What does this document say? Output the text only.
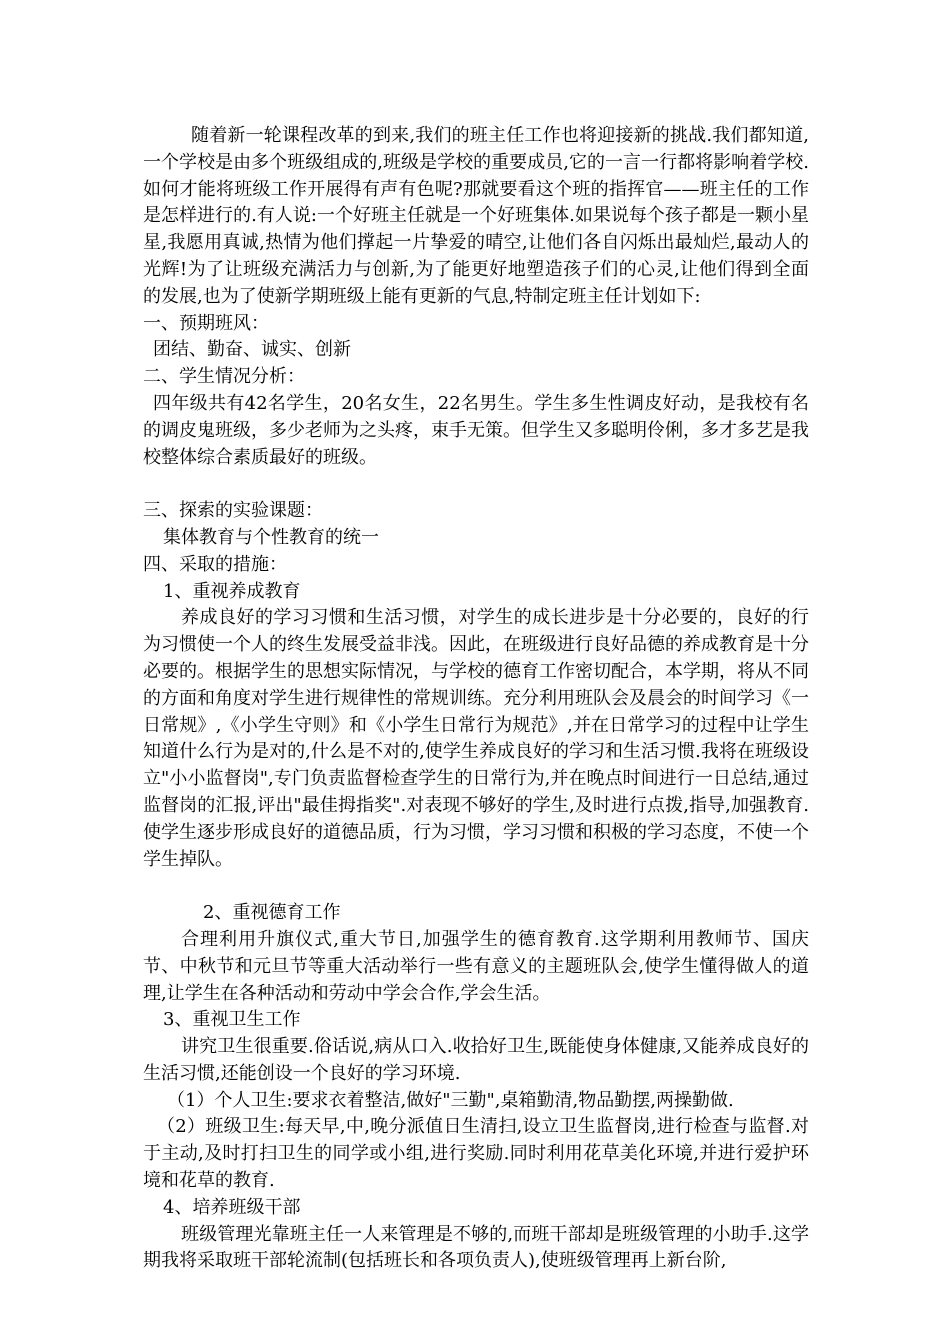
随着新一轮课程改革的到来,我们的班主任工作也将迎接新的挑战.我们都知道,一个学校是由多个班级组成的,班级是学校的重要成员,它的一言一行都将影响着学校.如何才能将班级工作开展得有声有色呢?那就要看这个班的指挥官——班主任的工作是怎样进行的.有人说:一个好班主任就是一个好班集体.如果说每个孩子都是一颗小星星,我愿用真诚,热情为他们撑起一片挚爱的晴空,让他们各自闪烁出最灿烂,最动人的光辉!为了让班级充满活力与创新,为了能更好地塑造孩子们的心灵,让他们得到全面的发展,也为了使新学期班级上能有更新的气息,特制定班主任计划如下:

一、预期班风：

团结、勤奋、诚实、创新

二、学生情况分析：

四年级共有42名学生，20名女生，22名男生。学生多生性调皮好动，是我校有名的调皮鬼班级，多少老师为之头疼，束手无策。但学生又多聪明伶俐，多才多艺是我校整体综合素质最好的班级。

三、探索的实验课题：

集体教育与个性教育的统一

四、采取的措施：

1、重视养成教育

养成良好的学习习惯和生活习惯，对学生的成长进步是十分必要的，良好的行为习惯使一个人的终生发展受益非浅。因此，在班级进行良好品德的养成教育是十分必要的。根据学生的思想实际情况，与学校的德育工作密切配合，本学期，将从不同的方面和角度对学生进行规律性的常规训练。充分利用班队会及晨会的时间学习《一日常规》,《小学生守则》和《小学生日常行为规范》,并在日常学习的过程中让学生知道什么行为是对的,什么是不对的,使学生养成良好的学习和生活习惯.我将在班级设立"小小监督岗",专门负责监督检查学生的日常行为,并在晚点时间进行一日总结,通过监督岗的汇报,评出"最佳拇指奖".对表现不够好的学生,及时进行点拨,指导,加强教育.使学生逐步形成良好的道德品质，行为习惯，学习习惯和积极的学习态度，不使一个学生掉队。

2、重视德育工作

合理利用升旗仪式,重大节日,加强学生的德育教育.这学期利用教师节、国庆节、中秋节和元旦节等重大活动举行一些有意义的主题班队会,使学生懂得做人的道理,让学生在各种活动和劳动中学会合作,学会生活。

3、重视卫生工作

讲究卫生很重要.俗话说,病从口入.收拾好卫生,既能使身体健康,又能养成良好的生活习惯,还能创设一个良好的学习环境.

（1）个人卫生:要求衣着整洁,做好"三勤",桌箱勤清,物品勤摆,两操勤做.

（2）班级卫生:每天早,中,晚分派值日生清扫,设立卫生监督岗,进行检查与监督.对于主动,及时打扫卫生的同学或小组,进行奖励.同时利用花草美化环境,并进行爱护环境和花草的教育.

4、培养班级干部

班级管理光靠班主任一人来管理是不够的,而班干部却是班级管理的小助手.这学期我将采取班干部轮流制(包括班长和各项负责人),使班级管理再上新台阶,
